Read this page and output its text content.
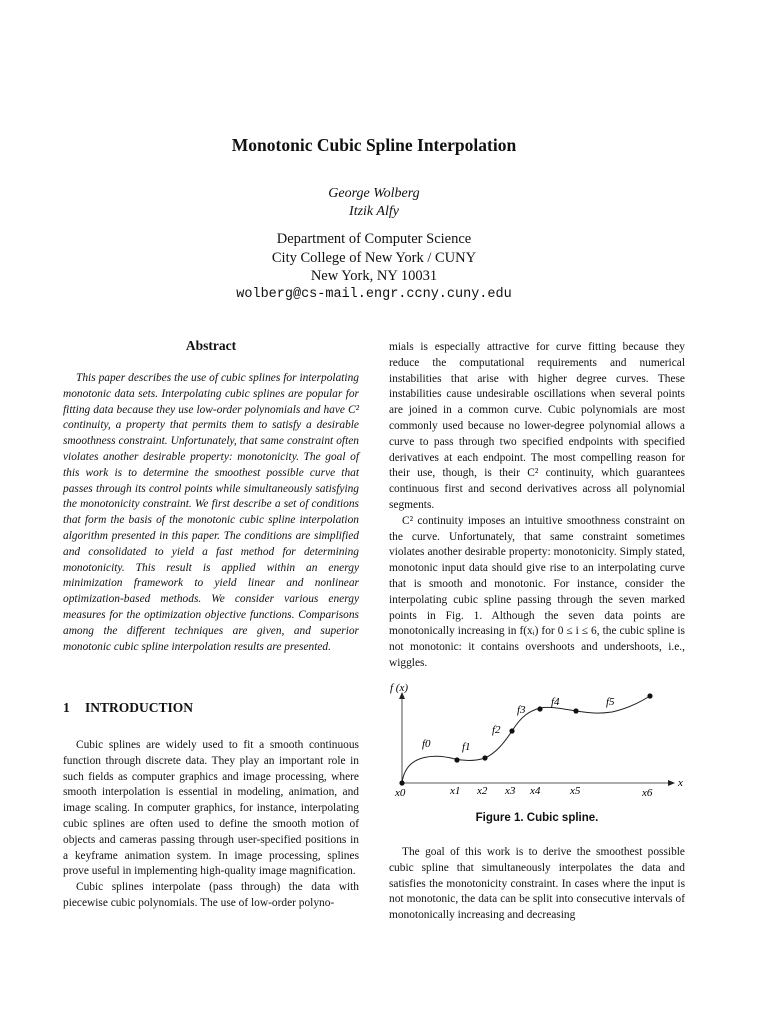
Monotonic Cubic Spline Interpolation
George Wolberg
Itzik Alfy
Department of Computer Science
City College of New York / CUNY
New York, NY 10031
wolberg@cs-mail.engr.ccny.cuny.edu
Abstract

This paper describes the use of cubic splines for interpolating monotonic data sets. Interpolating cubic splines are popular for fitting data because they use low-order polynomials and have C² continuity, a property that permits them to satisfy a desirable smoothness constraint. Unfortunately, that same constraint often violates another desirable property: monotonicity. The goal of this work is to determine the smoothest possible curve that passes through its control points while simultaneously satisfying the monotonicity constraint. We first describe a set of conditions that form the basis of the monotonic cubic spline interpolation algorithm presented in this paper. The conditions are simplified and consolidated to yield a fast method for determining monotonicity. This result is applied within an energy minimization framework to yield linear and nonlinear optimization-based methods. We consider various energy measures for the optimization objective functions. Comparisons among the different techniques are given, and superior monotonic cubic spline interpolation results are presented.

1 INTRODUCTION

Cubic splines are widely used to fit a smooth continuous function through discrete data. They play an important role in such fields as computer graphics and image processing, where smooth interpolation is essential in modeling, animation, and image scaling. In computer graphics, for instance, interpolating cubic splines are often used to define the smooth motion of objects and cameras passing through user-specified positions in a keyframe animation system. In image processing, splines prove useful in implementing high-quality image magnification.

Cubic splines interpolate (pass through) the data with piecewise cubic polynomials. The use of low-order polyno-

mials is especially attractive for curve fitting because they reduce the computational requirements and numerical instabilities that arise with higher degree curves. These instabilities cause undesirable oscillations when several points are joined in a common curve. Cubic polynomials are most commonly used because no lower-degree polynomial allows a curve to pass through two specified endpoints with specified derivatives at each endpoint. The most compelling reason for their use, though, is their C² continuity, which guarantees continuous first and second derivatives across all polynomial segments.

C² continuity imposes an intuitive smoothness constraint on the curve. Unfortunately, that same constraint sometimes violates another desirable property: monotonicity. Simply stated, monotonic input data should give rise to an interpolating curve that is smooth and monotonic. For instance, consider the interpolating cubic spline passing through the seven marked points in Fig. 1. Although the seven data points are monotonically increasing in f(xᵢ) for 0 ≤ i ≤ 6, the cubic spline is not monotonic: it contains overshoots and undershoots, i.e., wiggles.

f (x)
x
f0	f1
f2
f3
f4	f5
x0	x1 x2 x3 x4	x5	x6
Figure 1. Cubic spline.

The goal of this work is to derive the smoothest possible cubic spline that simultaneously interpolates the data and satisfies the monotonicity constraint. In cases where the input is not monotonic, the data can be split into consecutive intervals of monotonically increasing and decreasing
